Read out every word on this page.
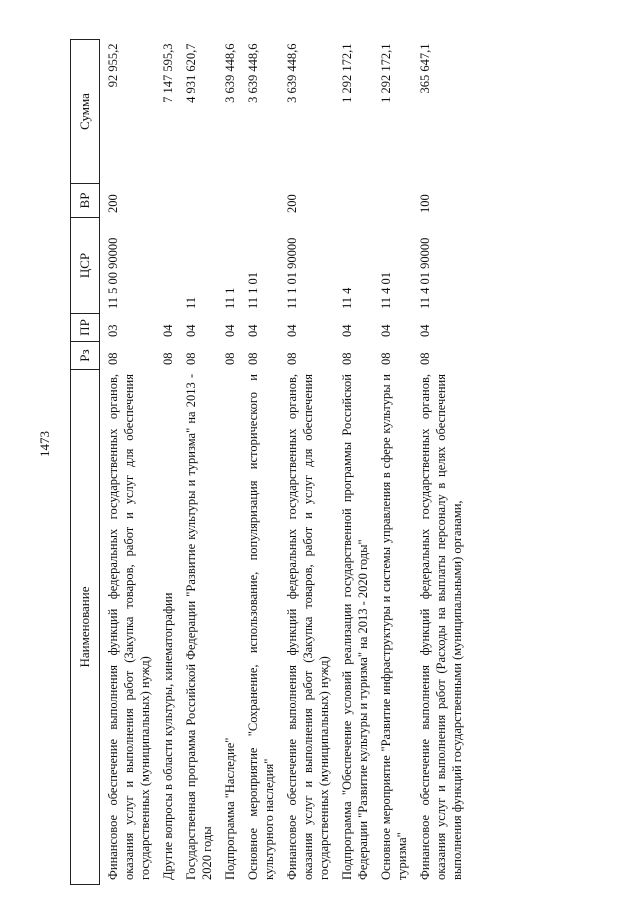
1473
Наименование	Рз	ПР	ЦСР	ВР	Сумма
Финансовое обеспечение выполнения функций федеральных государственных органов, оказания услуг и выполнения работ (Закупка товаров, работ и услуг для обеспечения государственных (муниципальных) нужд)	08	03	11 5 00 90000	200	92 955,2
Другие вопросы в области культуры, кинематографии	08	04			7 147 595,3
Государственная программа Российской Федерации "Развитие культуры и туризма" на 2013 - 2020 годы	08	04	11		4 931 620,7
Подпрограмма "Наследие"	08	04	11 1		3 639 448,6
Основное мероприятие "Сохранение, использование, популяризация исторического и культурного наследия"	08	04	11 1 01		3 639 448,6
Финансовое обеспечение выполнения функций федеральных государственных органов, оказания услуг и выполнения работ (Закупка товаров, работ и услуг для обеспечения государственных (муниципальных) нужд)	08	04	11 1 01 90000	200	3 639 448,6
Подпрограмма "Обеспечение условий реализации государственной программы Российской Федерации "Развитие культуры и туризма" на 2013 - 2020 годы"	08	04	11 4		1 292 172,1
Основное мероприятие "Развитие инфраструктуры и системы управления в сфере культуры и туризма"	08	04	11 4 01		1 292 172,1
Финансовое обеспечение выполнения функций федеральных государственных органов, оказания услуг и выполнения работ (Расходы на выплаты персоналу в целях обеспечения выполнения функций государственными (муниципальными) органами,	08	04	11 4 01 90000	100	365 647,1
